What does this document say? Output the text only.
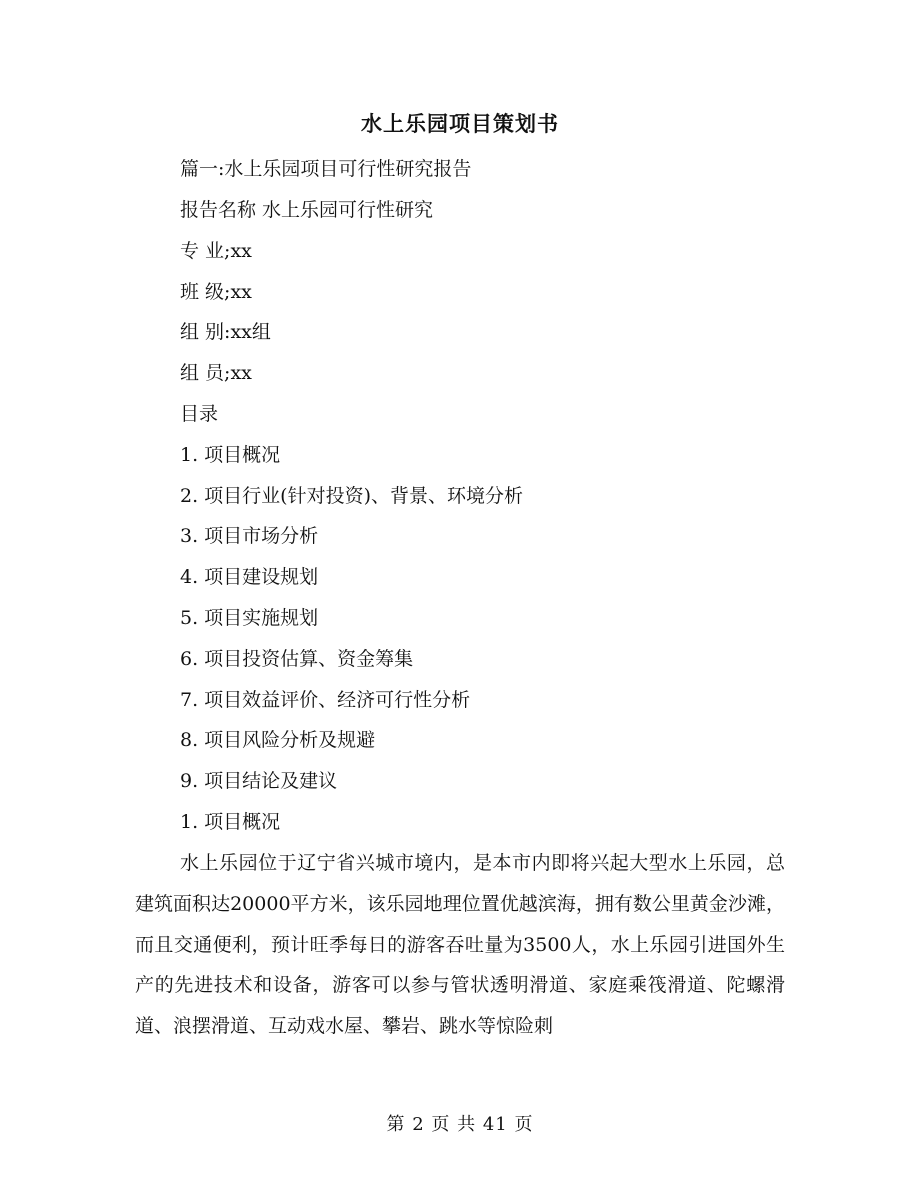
水上乐园项目策划书
篇一:水上乐园项目可行性研究报告
报告名称 水上乐园可行性研究
专 业;xx
班 级;xx
组 别:xx组
组 员;xx
目录
1. 项目概况
2. 项目行业(针对投资)、背景、环境分析
3. 项目市场分析
4. 项目建设规划
5. 项目实施规划
6. 项目投资估算、资金筹集
7. 项目效益评价、经济可行性分析
8. 项目风险分析及规避
9. 项目结论及建议
1. 项目概况
水上乐园位于辽宁省兴城市境内，是本市内即将兴起大型水上乐园，总建筑面积达20000平方米，该乐园地理位置优越滨海，拥有数公里黄金沙滩，而且交通便利，预计旺季每日的游客吞吐量为3500人，水上乐园引进国外生产的先进技术和设备，游客可以参与管状透明滑道、家庭乘筏滑道、陀螺滑道、浪摆滑道、互动戏水屋、攀岩、跳水等惊险刺
第 2 页 共 41 页
